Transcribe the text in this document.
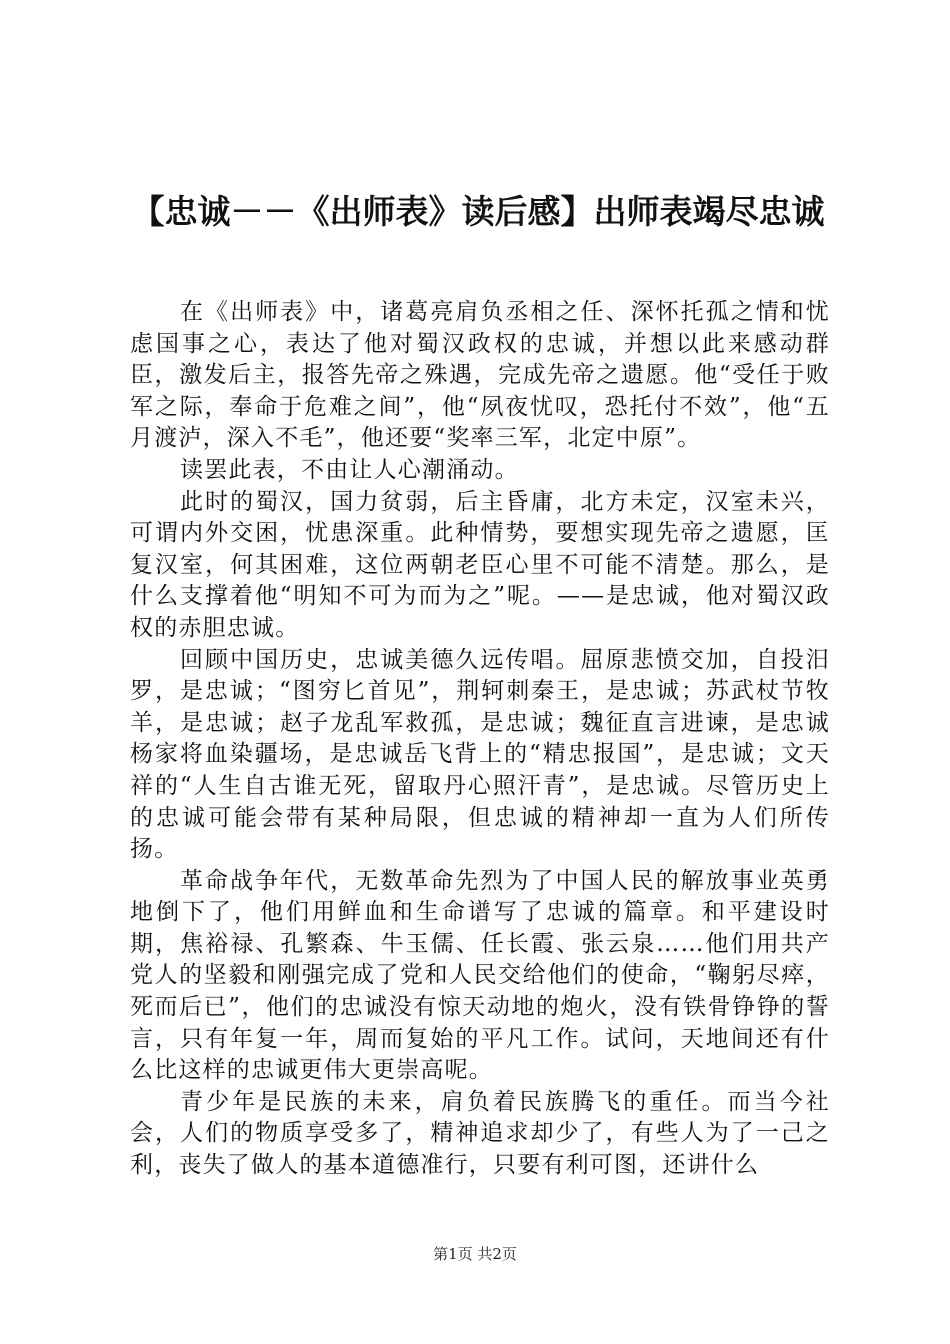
【忠诚－－《出师表》读后感】出师表竭尽忠诚

在《出师表》中，诸葛亮肩负丞相之任、深怀托孤之情和忧虑国事之心，表达了他对蜀汉政权的忠诚，并想以此来感动群臣，激发后主，报答先帝之殊遇，完成先帝之遗愿。他“受任于败军之际，奉命于危难之间”，他“夙夜忧叹，恐托付不效”，他“五月渡泸，深入不毛”，他还要“奖率三军，北定中原”。

读罢此表，不由让人心潮涌动。

此时的蜀汉，国力贫弱，后主昏庸，北方未定，汉室未兴，可谓内外交困，忧患深重。此种情势，要想实现先帝之遗愿，匡复汉室，何其困难，这位两朝老臣心里不可能不清楚。那么，是什么支撑着他“明知不可为而为之”呢。——是忠诚，他对蜀汉政权的赤胆忠诚。

回顾中国历史，忠诚美德久远传唱。屈原悲愤交加，自投汨罗，是忠诚；“图穷匕首见”，荆轲刺秦王，是忠诚；苏武杖节牧羊，是忠诚；赵子龙乱军救孤，是忠诚；魏征直言进谏，是忠诚杨家将血染疆场，是忠诚岳飞背上的“精忠报国”，是忠诚；文天祥的“人生自古谁无死，留取丹心照汗青”，是忠诚。尽管历史上的忠诚可能会带有某种局限，但忠诚的精神却一直为人们所传扬。

革命战争年代，无数革命先烈为了中国人民的解放事业英勇地倒下了，他们用鲜血和生命谱写了忠诚的篇章。和平建设时期，焦裕禄、孔繁森、牛玉儒、任长霞、张云泉……他们用共产党人的坚毅和刚强完成了党和人民交给他们的使命，“鞠躬尽瘁，死而后已”，他们的忠诚没有惊天动地的炮火，没有铁骨铮铮的誓言，只有年复一年，周而复始的平凡工作。试问，天地间还有什么比这样的忠诚更伟大更崇高呢。

青少年是民族的未来，肩负着民族腾飞的重任。而当今社会，人们的物质享受多了，精神追求却少了，有些人为了一己之利，丧失了做人的基本道德准行，只要有利可图，还讲什么

第1页 共2页
